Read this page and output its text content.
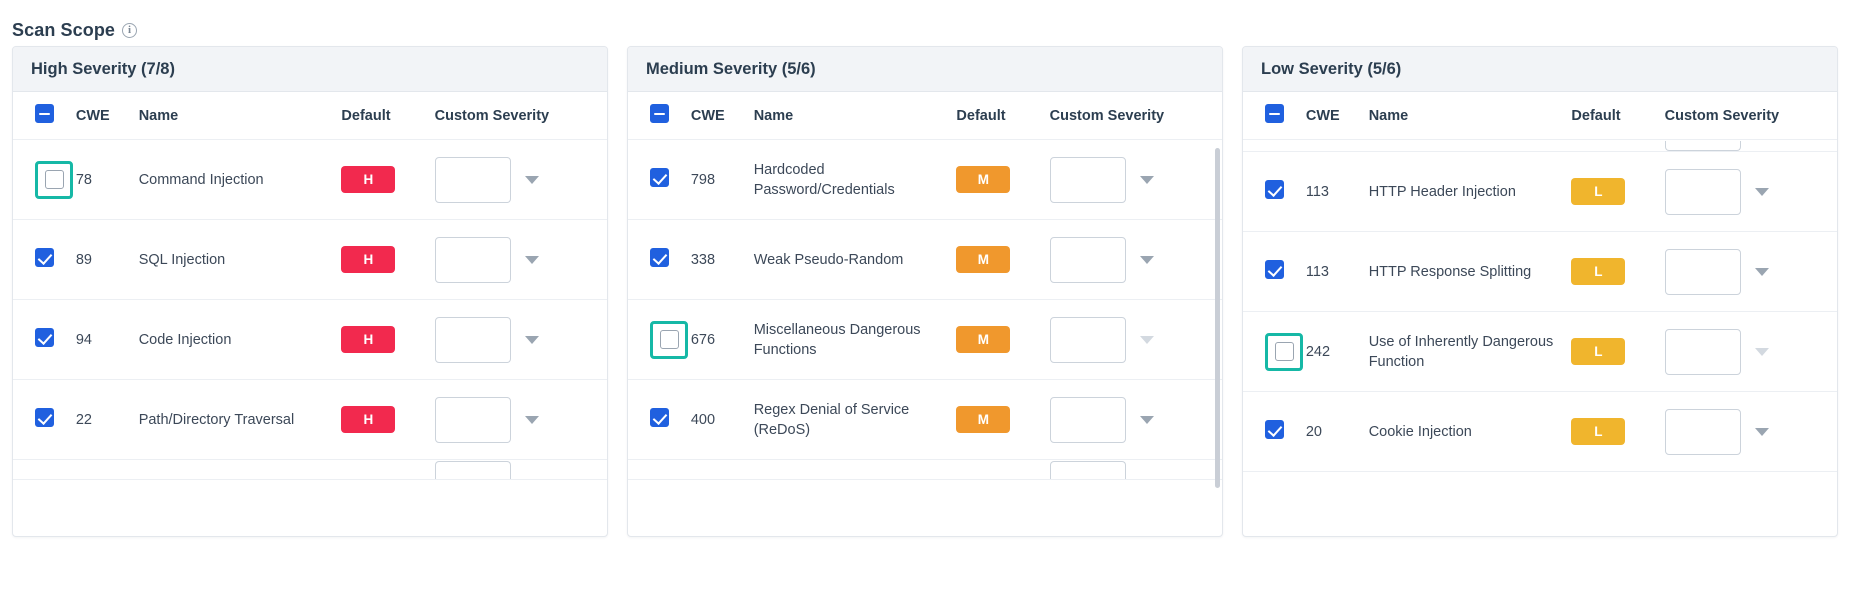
Scan Scope	i
High Severity (7/8)
	CWE	Name	Default	Custom Severity

	78	Command Injection	H	

	89	SQL Injection	H	

	94	Code Injection	H	

	22	Path/Directory Traversal	H	

Medium Severity (5/6)
	CWE	Name	Default	Custom Severity
	798	Hardcoded Password/Credentials	M	

	338	Weak Pseudo-Random	M	

	676	Miscellaneous Dangerous Functions	M	

	400	Regex Denial of Service (ReDoS)	M	

Low Severity (5/6)
	CWE	Name	Default	Custom Severity

	113	HTTP Header Injection	L	

	113	HTTP Response Splitting	L	

	242	Use of Inherently Dangerous Function	L	

	20	Cookie Injection	L	
